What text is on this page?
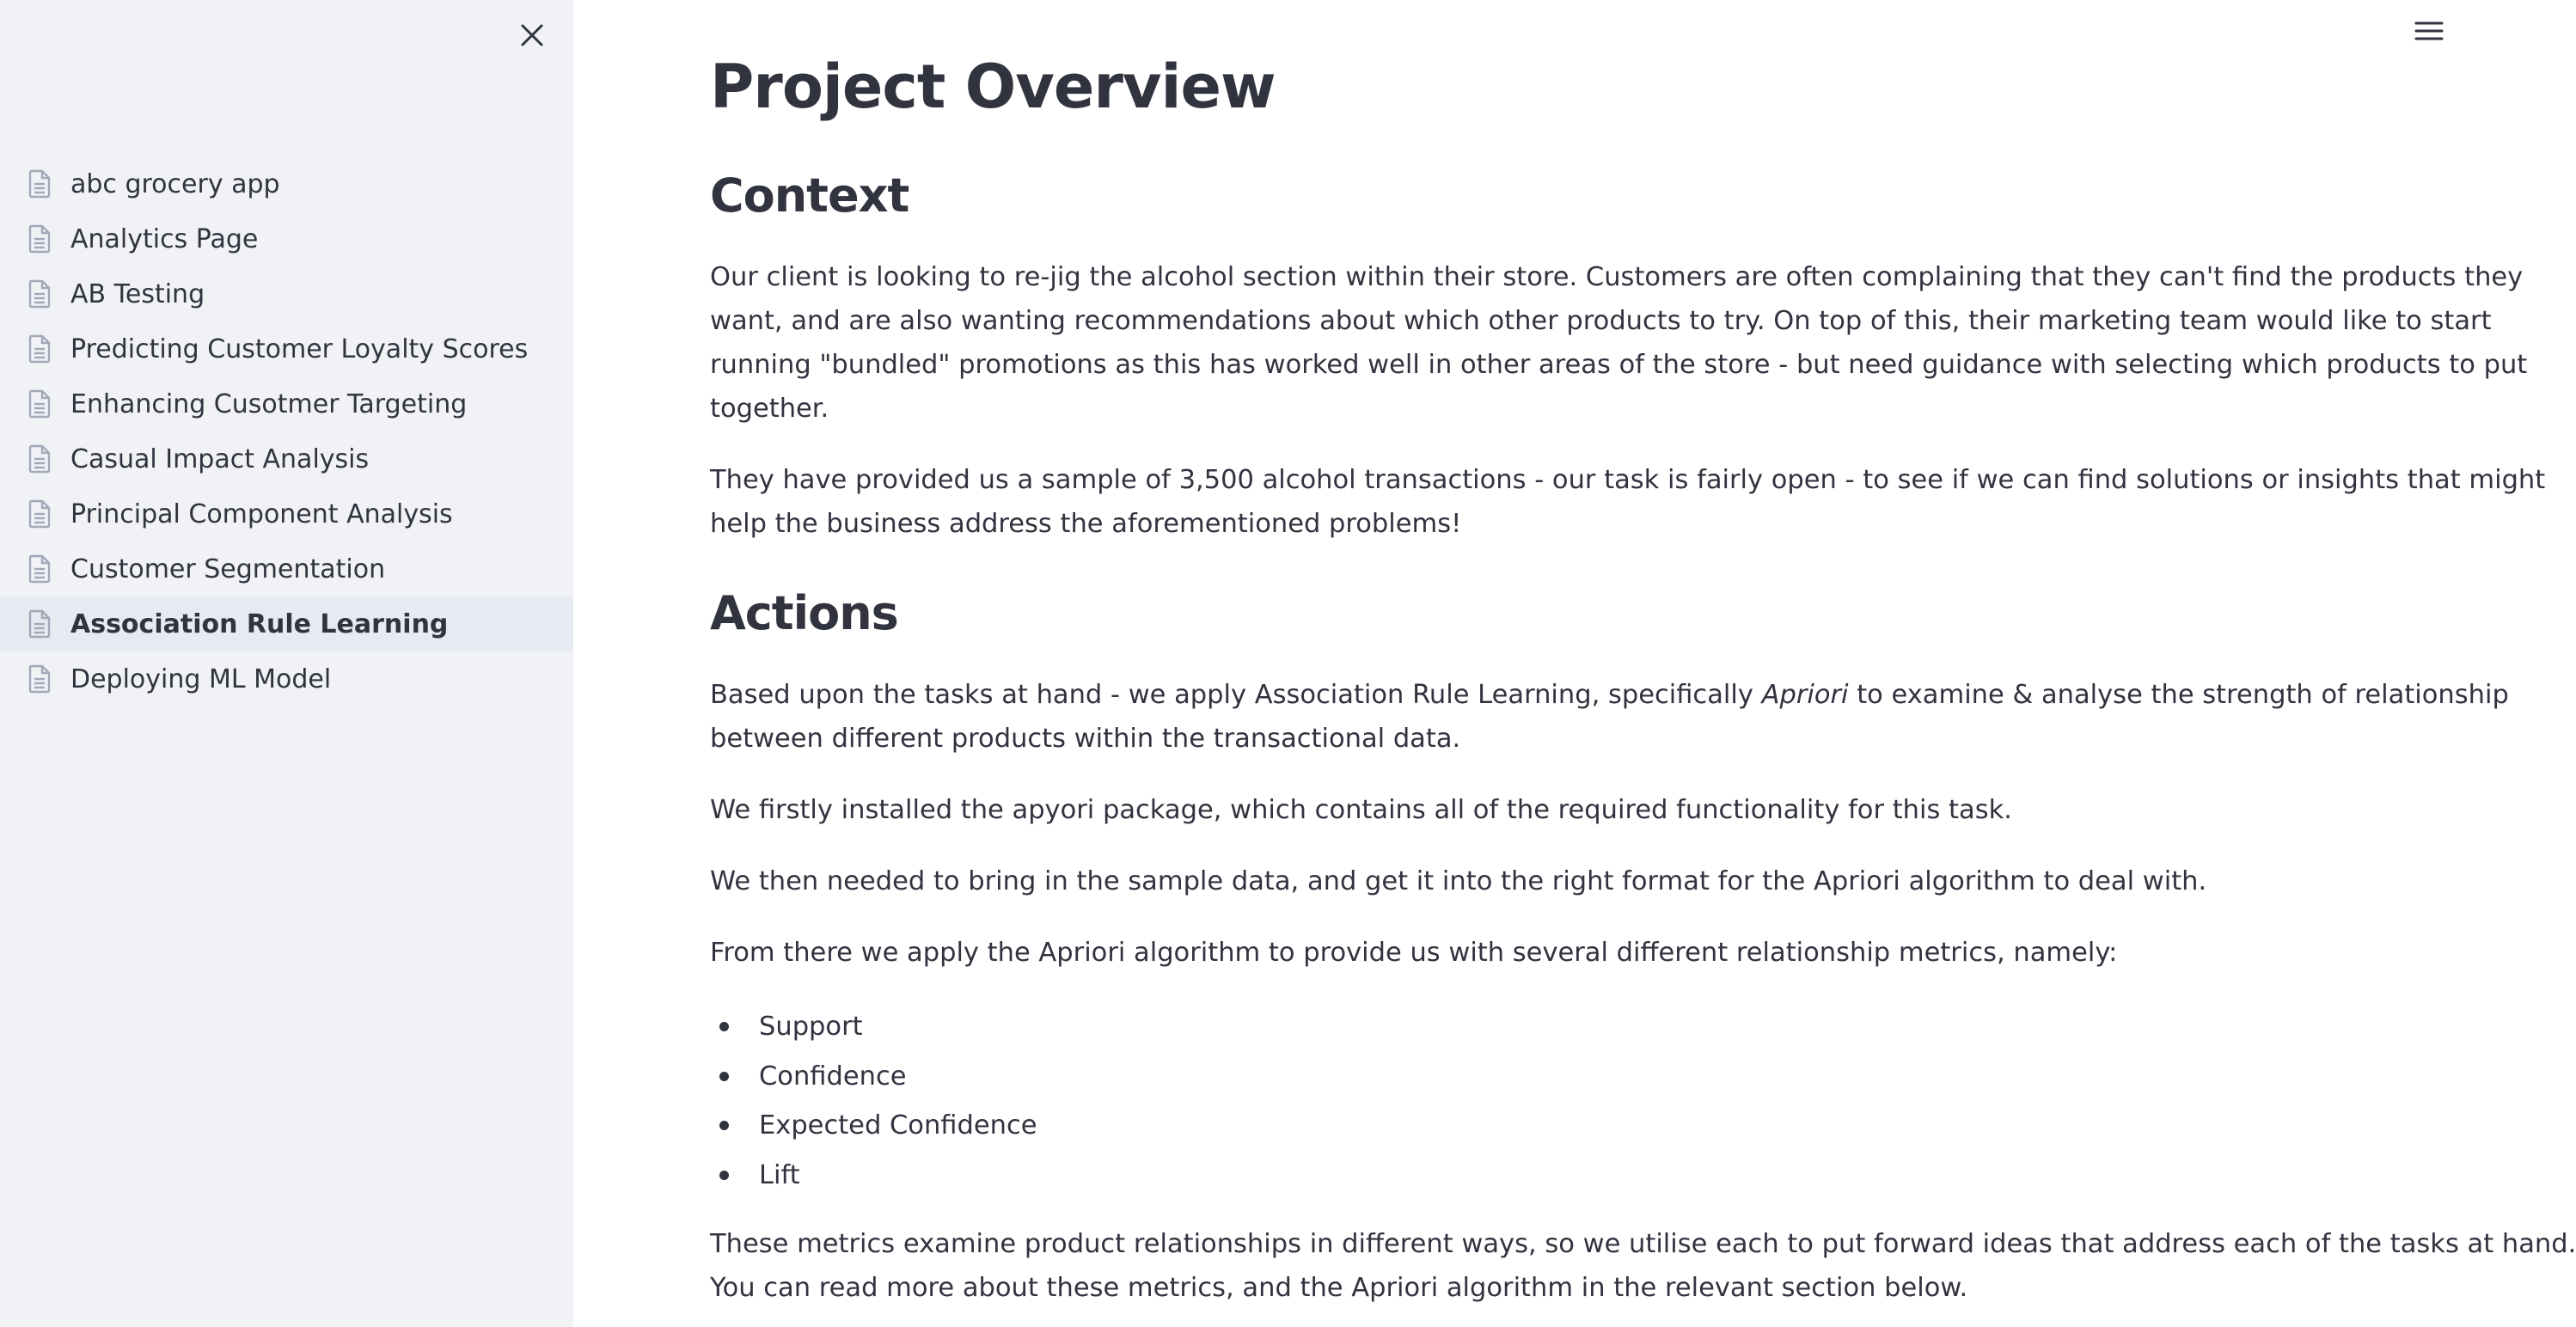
abc grocery app
Analytics Page
AB Testing
Predicting Customer Loyalty Scores
Enhancing Cusotmer Targeting
Casual Impact Analysis
Principal Component Analysis
Customer Segmentation
Association Rule Learning
Deploying ML Model
Project Overview
Context

Our client is looking to re-jig the alcohol section within their store. Customers are often complaining that they can't find the products they
want, and are also wanting recommendations about which other products to try. On top of this, their marketing team would like to start
running "bundled" promotions as this has worked well in other areas of the store - but need guidance with selecting which products to put
together.

They have provided us a sample of 3,500 alcohol transactions - our task is fairly open - to see if we can find solutions or insights that might
help the business address the aforementioned problems!

Actions

Based upon the tasks at hand - we apply Association Rule Learning, specifically Apriori to examine & analyse the strength of relationship
between different products within the transactional data.

We firstly installed the apyori package, which contains all of the required functionality for this task.

We then needed to bring in the sample data, and get it into the right format for the Apriori algorithm to deal with.

From there we apply the Apriori algorithm to provide us with several different relationship metrics, namely:

Support
Confidence
Expected Confidence
Lift

These metrics examine product relationships in different ways, so we utilise each to put forward ideas that address each of the tasks at hand.
You can read more about these metrics, and the Apriori algorithm in the relevant section below.
